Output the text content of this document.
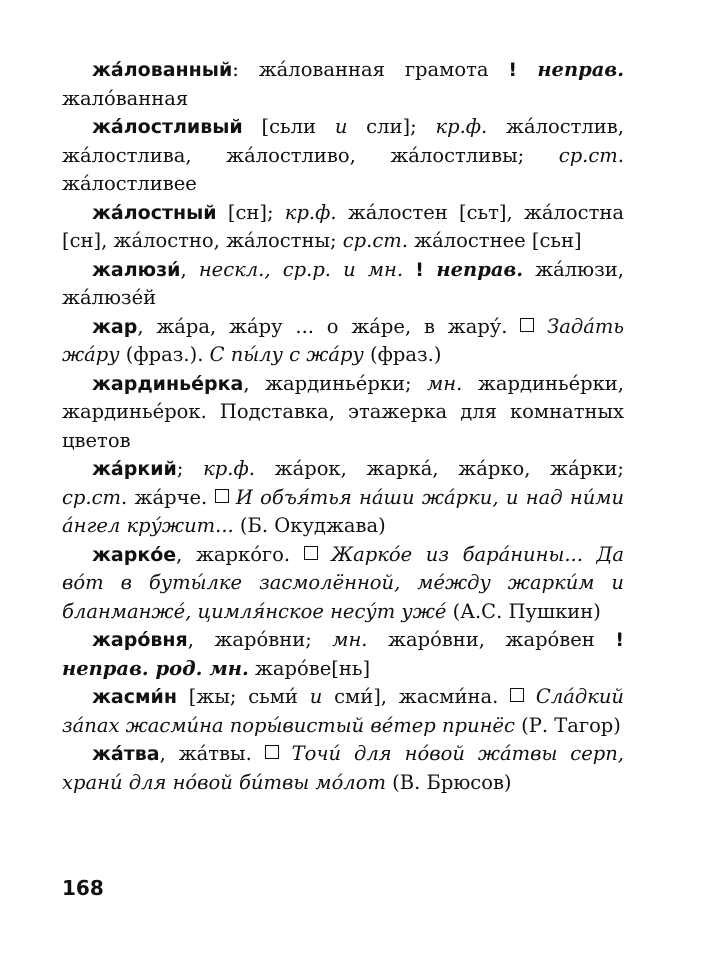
жа́лованный: жа́лованная грамота ! неправ. жало́ванная

жа́лостливый [сьли и сли]; кр.ф. жа́лостлив, жа́лостлива, жа́лостливо, жа́лостливы; ср.ст. жа́лостливее

жа́лостный [сн]; кр.ф. жа́лостен [сьт], жа́лостна [сн], жа́лостно, жа́лостны; ср.ст. жа́лостнее [сьн]

жалюзи́, нескл., ср.р. и мн. ! неправ. жа́люзи, жа́люзе́й

жар, жа́ра, жа́ру ... о жа́ре, в жару́.  Зада́ть жа́ру (фраз.). С пы́лу с жа́ру (фраз.)

жардинье́рка, жардинье́рки; мн. жардинье́рки, жардинье́рок. Подставка, этажерка для комнатных цветов

жа́ркий; кр.ф. жа́рок, жарка́, жа́рко, жа́рки; ср.ст. жа́рче.  И объя́тья на́ши жа́рки, и над ни́ми а́нгел кру́жит... (Б. Окуджава)

жарко́е, жарко́го.  Жарко́е из бара́нины... Да во́т в буты́лке засмолённой, ме́жду жарки́м и бланманже́, цимля́нское несу́т уже́ (А.С. Пушкин)

жаро́вня, жаро́вни; мн. жаро́вни, жаро́вен ! неправ. род. мн. жаро́ве[нь]

жасми́н [жы; сьми́ и сми́], жасми́на.  Сла́дкий за́пах жасми́на поры́вистый ве́тер принёс (Р. Тагор)

жа́тва, жа́твы.  Точи́ для но́вой жа́твы серп, храни́ для но́вой би́твы мо́лот (В. Брюсов)

168
